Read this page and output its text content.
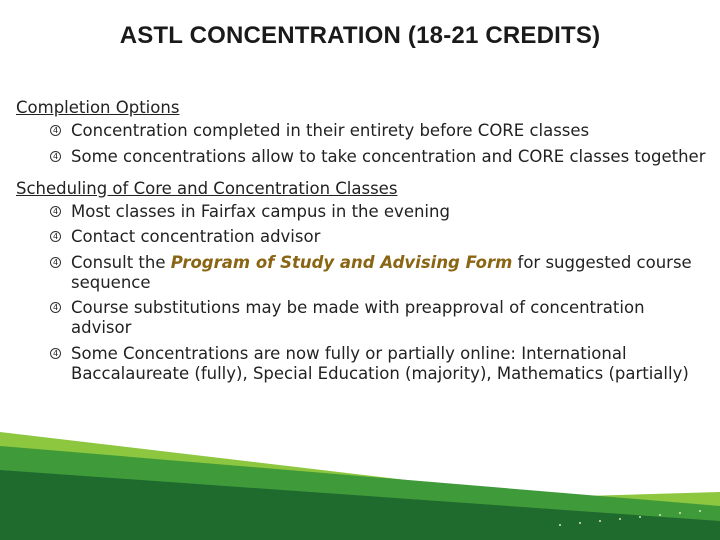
ASTL CONCENTRATION (18-21 CREDITS)
Completion Options
4 Concentration completed in their entirety before CORE classes
4 Some concentrations allow to take concentration and CORE classes together
Scheduling of Core and Concentration Classes
4 Most classes in Fairfax campus in the evening
4 Contact concentration advisor
4 Consult the Program of Study and Advising Form for suggested course sequence
4 Course substitutions may be made with preapproval of concentration advisor
4 Some Concentrations are now fully or partially online: International Baccalaureate (fully), Special Education (majority), Mathematics (partially)
